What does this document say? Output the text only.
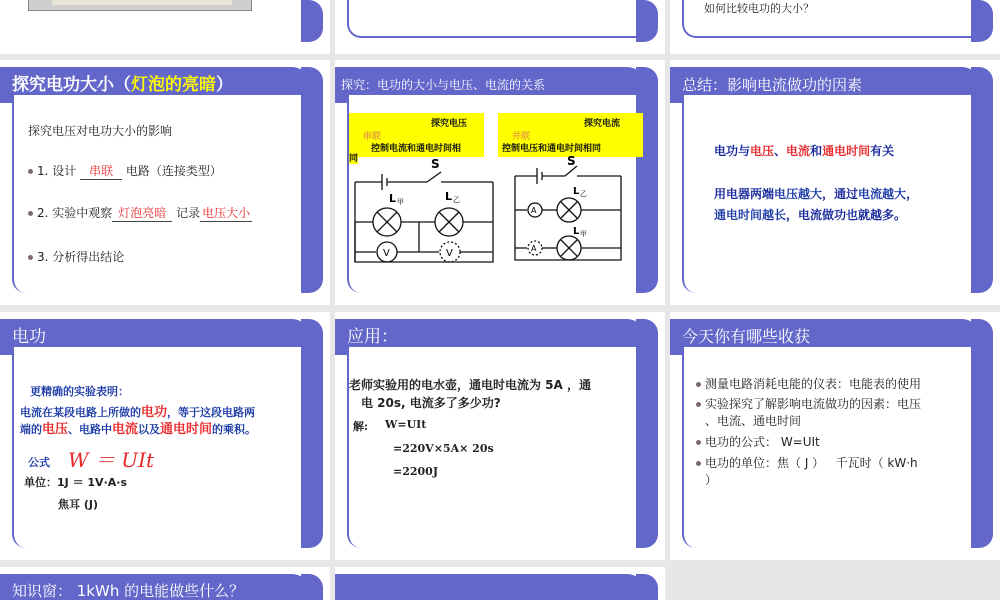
如何比较电功的大小？
探究电功大小（灯泡的亮暗）
探究电压对电功大小的影响
1. 设计 串联 电路（连接类型）
2. 实验中观察 灯泡亮暗 记录 电压大小
3. 分析得出结论
探究：电功的大小与电压、电流的关系
串联
探究电压
控制电流和通电时间相
同
并联
探究电流
控制电压和通电时间相同
S
L 甲	L 乙
V	V
S
L 乙
L 甲
A
A
总结：影响电流做功的因素
电功与电压、电流和通电时间有关
用电器两端电压越大，通过电流越大，
通电时间越长，电流做功也就越多。
电功
更精确的实验表明：
电流在某段电路上所做的电功，等于这段电路两
端的电压、电路中电流以及通电时间的乘积。
公式 W ＝ UIt
单位：1J ＝ 1V·A·s
焦耳 (J)
应用：
老师实验用的电水壶，通电时电流为 5A ，通
电 20s, 电流多了多少功?
解: W=UIt
=220V×5A× 20s
=2200J
今天你有哪些收获
测量电路消耗电能的仪表：电能表的使用
实验探究了解影响电流做功的因素：电压
、电流、通电时间
电功的公式： W=UIt
电功的单位：焦（ J ）   千瓦时（ kW·h
）
知识窗： 1kWh 的电能做些什么？
